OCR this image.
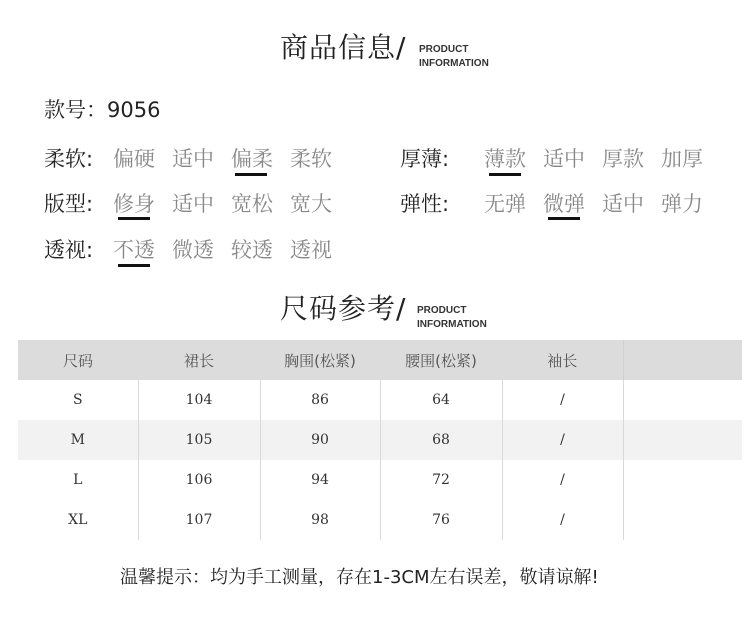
商品信息/ PRODUCT
INFORMATION
款号：9056
柔软: 偏硬 适中 偏柔 柔软	厚薄: 薄款 适中 厚款 加厚
版型: 修身 适中 宽松 宽大	弹性: 无弹 微弹 适中 弹力
透视: 不透 微透 较透 透视
尺码参考/ PRODUCT
INFORMATION
尺码	裙长	胸围(松紧)	腰围(松紧)	袖长	
S	104	86	64	/	
M	105	90	68	/	
L	106	94	72	/	
XL	107	98	76	/	
温馨提示：均为手工测量，存在1-3CM左右误差，敬请谅解!
